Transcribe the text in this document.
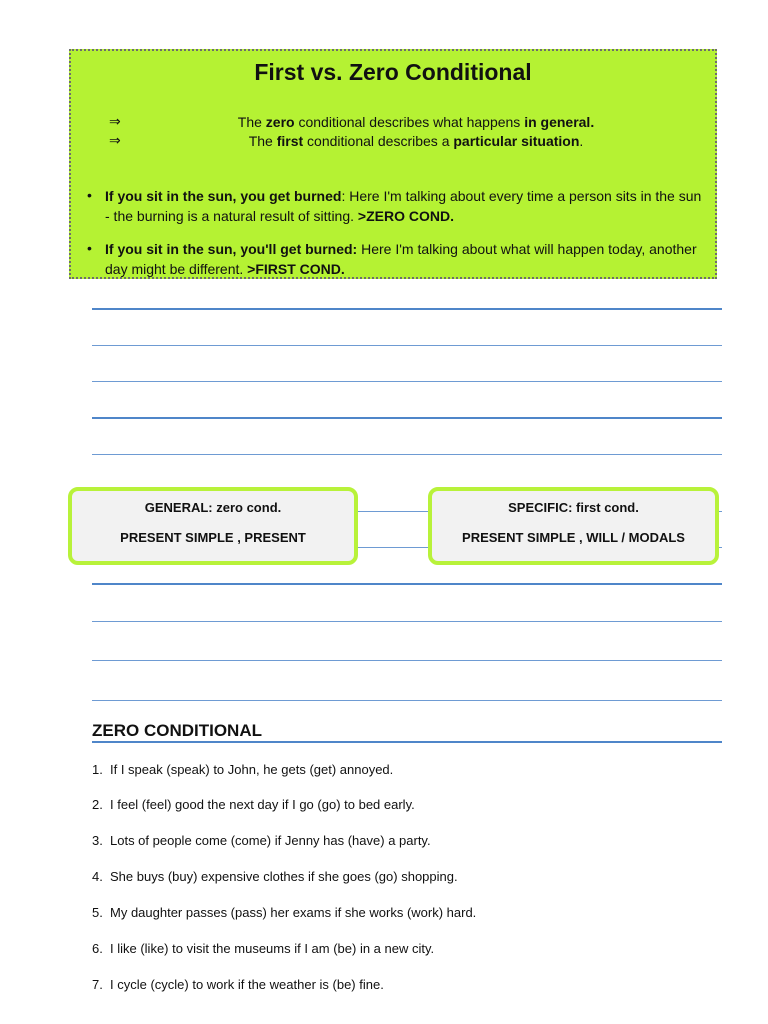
First vs. Zero Conditional
⇒	The zero conditional describes what happens in general.
⇒	The first conditional describes a particular situation.
• If you sit in the sun, you get burned: Here I'm talking about every time a person sits in the sun - the burning is a natural result of sitting. >ZERO COND.
• If you sit in the sun, you'll get burned: Here I'm talking about what will happen today, another day might be different. >FIRST COND.
GENERAL: zero cond.
PRESENT SIMPLE , PRESENT
SPECIFIC: first cond.
PRESENT SIMPLE , WILL / MODALS
ZERO CONDITIONAL
1. If I speak (speak) to John, he gets (get) annoyed.
2. I feel (feel) good the next day if I go (go) to bed early.
3. Lots of people come (come) if Jenny has (have) a party.
4. She buys (buy) expensive clothes if she goes (go) shopping.
5. My daughter passes (pass) her exams if she works (work) hard.
6. I like (like) to visit the museums if I am (be) in a new city.
7. I cycle (cycle) to work if the weather is (be) fine.
